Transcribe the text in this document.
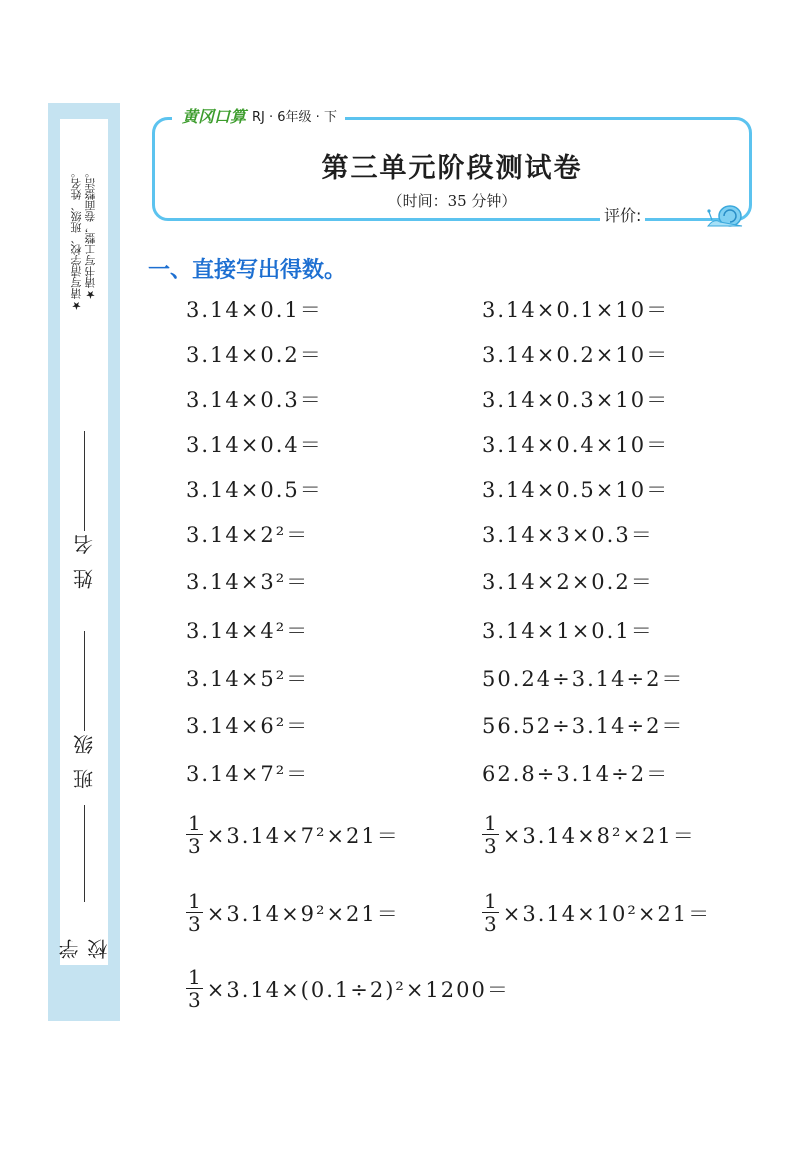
★请书写工整，卷面整洁。
★请写清学校、班级、姓名。
姓 名
班 级
学 校
黄冈口算 RJ · 6年级 · 下
第三单元阶段测试卷
（时间：35 分钟）
评价:
一、直接写出得数。
3.14×0.1＝
3.14×0.2＝
3.14×0.3＝
3.14×0.4＝
3.14×0.5＝
3.14×2²＝
3.14×3²＝
3.14×4²＝
3.14×5²＝
3.14×6²＝
3.14×7²＝
3.14×0.1×10＝
3.14×0.2×10＝
3.14×0.3×10＝
3.14×0.4×10＝
3.14×0.5×10＝
3.14×3×0.3＝
3.14×2×0.2＝
3.14×1×0.1＝
50.24÷3.14÷2＝
56.52÷3.14÷2＝
62.8÷3.14÷2＝
$\frac{1}{3} \times 3.14\times 7^2\times 21=$	$\frac{1}{3} \times 3.14\times 8^2\times 21=$
$\frac{1}{3} \times 3.14\times 9^2\times 21=$	$\frac{1}{3} \times 3.14\times 10^2\times 21=$
$\frac{1}{3} \times 3.14\times(0.1\div 2)^2\times 1200=$
